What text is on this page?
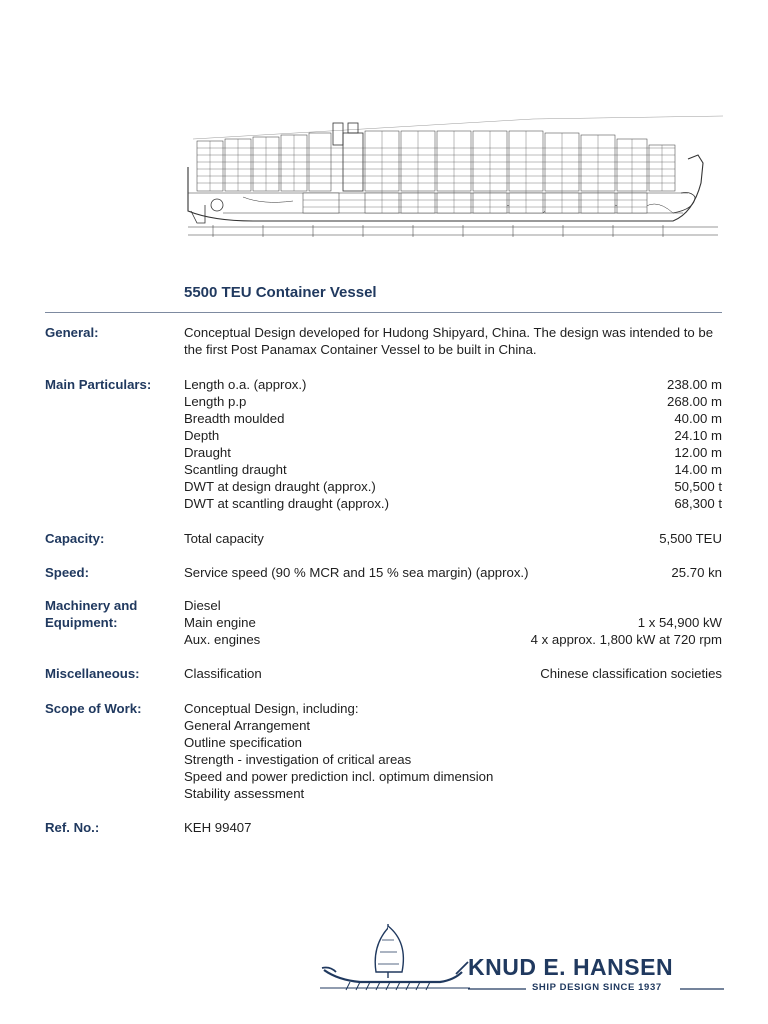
5500 TEU Container Vessel
General:	Conceptual Design developed for Hudong Shipyard, China. The design was intended to be the first Post Panamax Container Vessel to be built in China.
Main Particulars:	Length o.a. (approx.)	238.00 m
Length p.p	268.00 m
Breadth moulded	40.00 m
Depth	24.10 m
Draught	12.00 m
Scantling draught	14.00 m
DWT at design draught (approx.)	50,500 t
DWT at scantling draught (approx.)	68,300 t
Capacity:	Total capacity	5,500 TEU
Speed:	Service speed (90 % MCR and 15 % sea margin) (approx.)	25.70 kn
Machinery and
Equipment:
Diesel
Main engine	1 x 54,900 kW
Aux. engines	4 x approx. 1,800 kW at 720 rpm
Miscellaneous:	Classification	Chinese classification societies
Scope of Work:	Conceptual Design, including:
General Arrangement
Outline specification
Strength - investigation of critical areas
Speed and power prediction incl. optimum dimension
Stability assessment
Ref. No.:	KEH 99407
KNUD E. HANSEN
SHIP DESIGN SINCE 1937
